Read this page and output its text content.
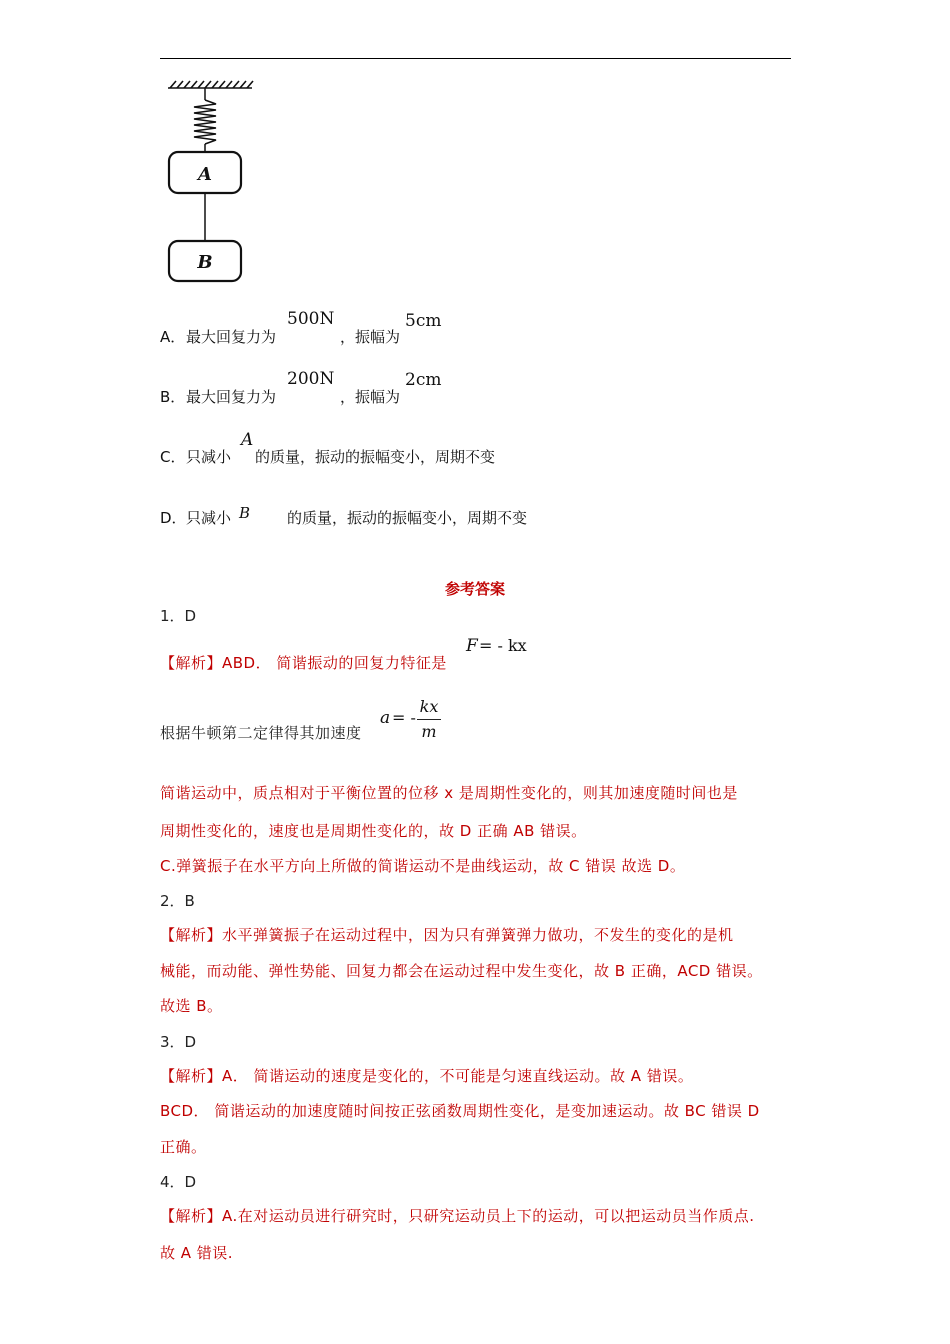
A
B
A． 最大回复力为
500N
，振幅为
5cm
B． 最大回复力为
200N
，振幅为
2cm
C． 只减小
A
的质量，振动的振幅变小，周期不变
D． 只减小 B 的质量，振动的振幅变小，周期不变
参考答案
1．D
【解析】ABD． 简谐振动的回复力特征是
F = - kx
根据牛顿第二定律得其加速度
a = -
kx
m
简谐运动中，质点相对于平衡位置的位移 x 是周期性变化的，则其加速度随时间也是
周期性变化的，速度也是周期性变化的，故 D 正确 AB 错误。
C.弹簧振子在水平方向上所做的简谐运动不是曲线运动，故 C 错误 故选 D。
2．B
【解析】水平弹簧振子在运动过程中，因为只有弹簧弹力做功，不发生的变化的是机
械能，而动能、弹性势能、回复力都会在运动过程中发生变化，故 B 正确，ACD 错误。
故选 B。
3．D
【解析】A． 简谐运动的速度是变化的，不可能是匀速直线运动。故 A 错误。
BCD． 简谐运动的加速度随时间按正弦函数周期性变化，是变加速运动。故 BC 错误 D
正确。
4．D
【解析】A.在对运动员进行研究时，只研究运动员上下的运动，可以把运动员当作质点.
故 A 错误.
